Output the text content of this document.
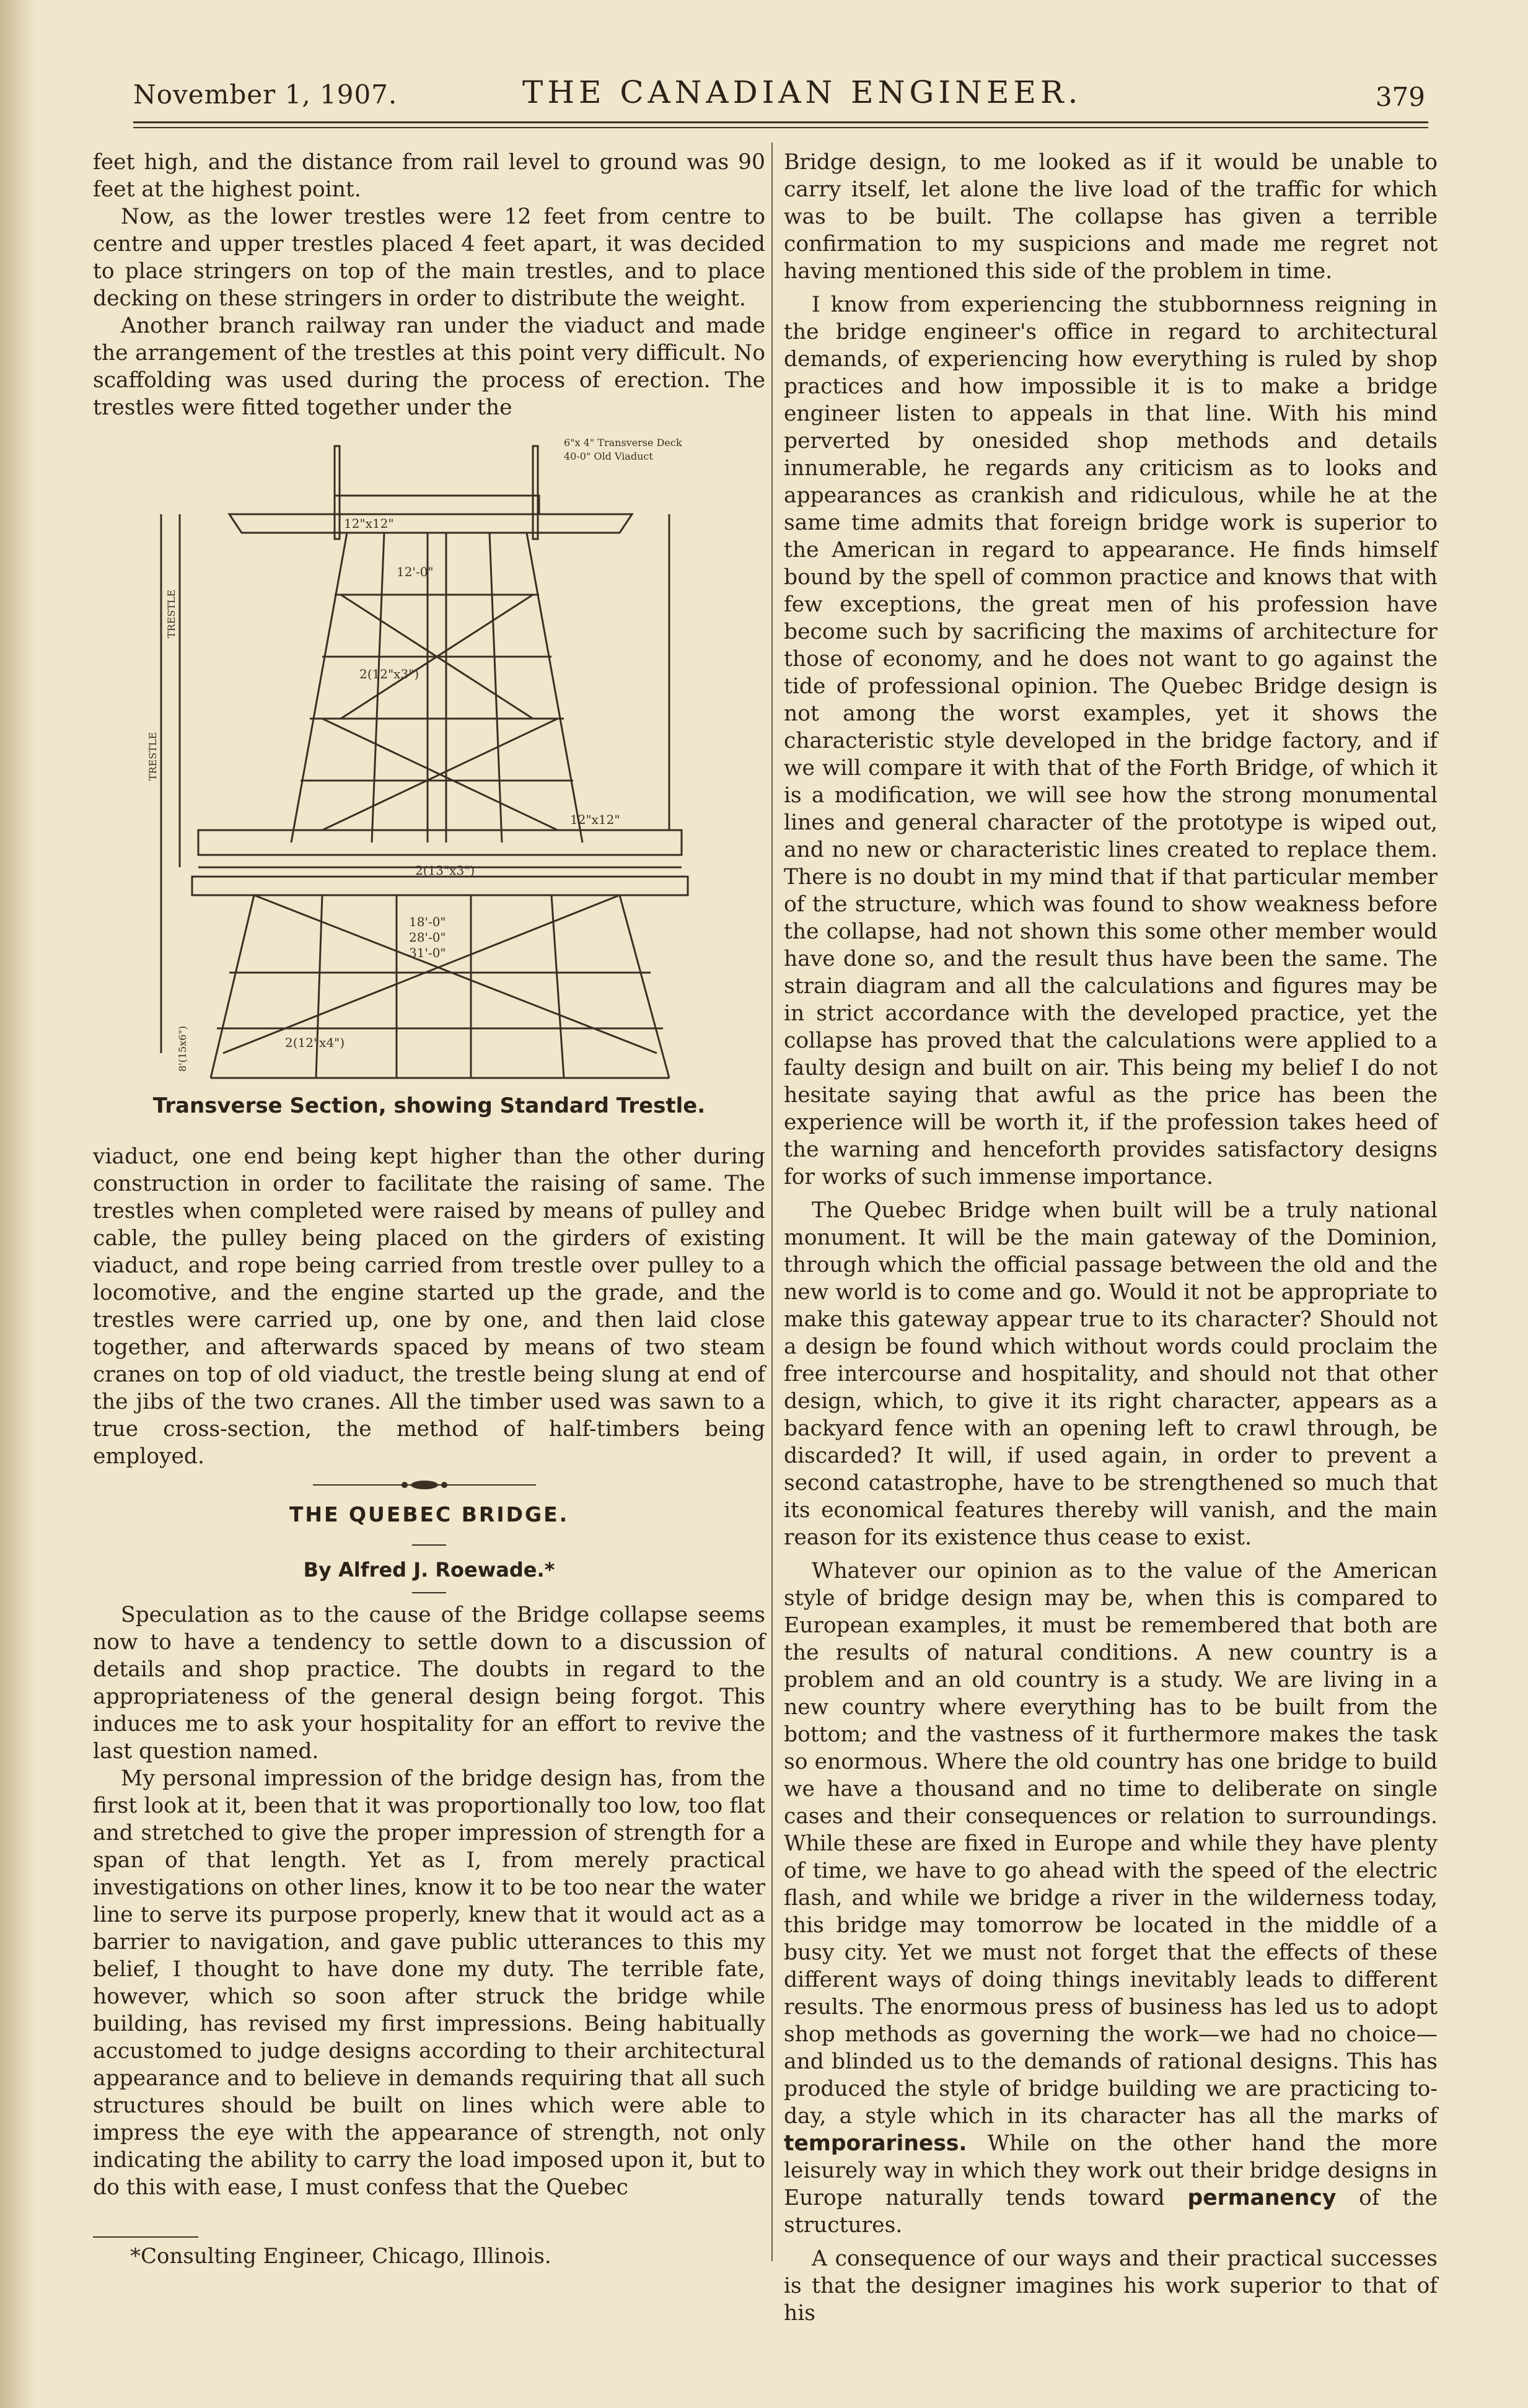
November 1, 1907.	THE CANADIAN ENGINEER.	379

feet high, and the distance from rail level to ground was 90 feet at the highest point.

Now, as the lower trestles were 12 feet from centre to centre and upper trestles placed 4 feet apart, it was decided to place stringers on top of the main trestles, and to place decking on these stringers in order to distribute the weight.

Another branch railway ran under the viaduct and made the arrangement of the trestles at this point very difficult. No scaffolding was used during the process of erection. The trestles were fitted together under the

12"x12"
12'-0"
2(12"x3")
12"x12"
2(13"x3")
18'-0"
28'-0"
31'-0"
2(12"x4")
6"x 4" Transverse Deck
40-0" Old Viaduct
TRESTLE
TRESTLE
8'(15x6")
Transverse Section, showing Standard Trestle.

viaduct, one end being kept higher than the other during construction in order to facilitate the raising of same. The trestles when completed were raised by means of pulley and cable, the pulley being placed on the girders of existing viaduct, and rope being carried from trestle over pulley to a locomotive, and the engine started up the grade, and the trestles were carried up, one by one, and then laid close together, and afterwards spaced by means of two steam cranes on top of old viaduct, the trestle being slung at end of the jibs of the two cranes. All the timber used was sawn to a true cross-section, the method of half-timbers being employed.

THE QUEBEC BRIDGE.
By Alfred J. Roewade.*

Speculation as to the cause of the Bridge collapse seems now to have a tendency to settle down to a discussion of details and shop practice. The doubts in regard to the appropriateness of the general design being forgot. This induces me to ask your hospitality for an effort to revive the last question named.

My personal impression of the bridge design has, from the first look at it, been that it was proportionally too low, too flat and stretched to give the proper impression of strength for a span of that length. Yet as I, from merely practical investigations on other lines, know it to be too near the water line to serve its purpose properly, knew that it would act as a barrier to navigation, and gave public utterances to this my belief, I thought to have done my duty. The terrible fate, however, which so soon after struck the bridge while building, has revised my first impressions. Being habitually accustomed to judge designs according to their architectural appearance and to believe in demands requiring that all such structures should be built on lines which were able to impress the eye with the appearance of strength, not only indicating the ability to carry the load imposed upon it, but to do this with ease, I must confess that the Quebec

*Consulting Engineer, Chicago, Illinois.

Bridge design, to me looked as if it would be unable to carry itself, let alone the live load of the traffic for which was to be built. The collapse has given a terrible confirmation to my suspicions and made me regret not having mentioned this side of the problem in time.

I know from experiencing the stubbornness reigning in the bridge engineer's office in regard to architectural demands, of experiencing how everything is ruled by shop practices and how impossible it is to make a bridge engineer listen to appeals in that line. With his mind perverted by onesided shop methods and details innumerable, he regards any criticism as to looks and appearances as crankish and ridiculous, while he at the same time admits that foreign bridge work is superior to the American in regard to appearance. He finds himself bound by the spell of common practice and knows that with few exceptions, the great men of his profession have become such by sacrificing the maxims of architecture for those of economy, and he does not want to go against the tide of professional opinion. The Quebec Bridge design is not among the worst examples, yet it shows the characteristic style developed in the bridge factory, and if we will compare it with that of the Forth Bridge, of which it is a modification, we will see how the strong monumental lines and general character of the prototype is wiped out, and no new or characteristic lines created to replace them. There is no doubt in my mind that if that particular member of the structure, which was found to show weakness before the collapse, had not shown this some other member would have done so, and the result thus have been the same. The strain diagram and all the calculations and figures may be in strict accordance with the developed practice, yet the collapse has proved that the calculations were applied to a faulty design and built on air. This being my belief I do not hesitate saying that awful as the price has been the experience will be worth it, if the profession takes heed of the warning and henceforth provides satisfactory designs for works of such immense importance.

The Quebec Bridge when built will be a truly national monument. It will be the main gateway of the Dominion, through which the official passage between the old and the new world is to come and go. Would it not be appropriate to make this gateway appear true to its character? Should not a design be found which without words could proclaim the free intercourse and hospitality, and should not that other design, which, to give it its right character, appears as a backyard fence with an opening left to crawl through, be discarded? It will, if used again, in order to prevent a second catastrophe, have to be strengthened so much that its economical features thereby will vanish, and the main reason for its existence thus cease to exist.

Whatever our opinion as to the value of the American style of bridge design may be, when this is compared to European examples, it must be remembered that both are the results of natural conditions. A new country is a problem and an old country is a study. We are living in a new country where everything has to be built from the bottom; and the vastness of it furthermore makes the task so enormous. Where the old country has one bridge to build we have a thousand and no time to deliberate on single cases and their consequences or relation to surroundings. While these are fixed in Europe and while they have plenty of time, we have to go ahead with the speed of the electric flash, and while we bridge a river in the wilderness today, this bridge may tomorrow be located in the middle of a busy city. Yet we must not forget that the effects of these different ways of doing things inevitably leads to different results. The enormous press of business has led us to adopt shop methods as governing the work—we had no choice—and blinded us to the demands of rational designs. This has produced the style of bridge building we are practicing to-day, a style which in its character has all the marks of temporariness. While on the other hand the more leisurely way in which they work out their bridge designs in Europe naturally tends toward permanency of the structures.

A consequence of our ways and their practical successes is that the designer imagines his work superior to that of his
